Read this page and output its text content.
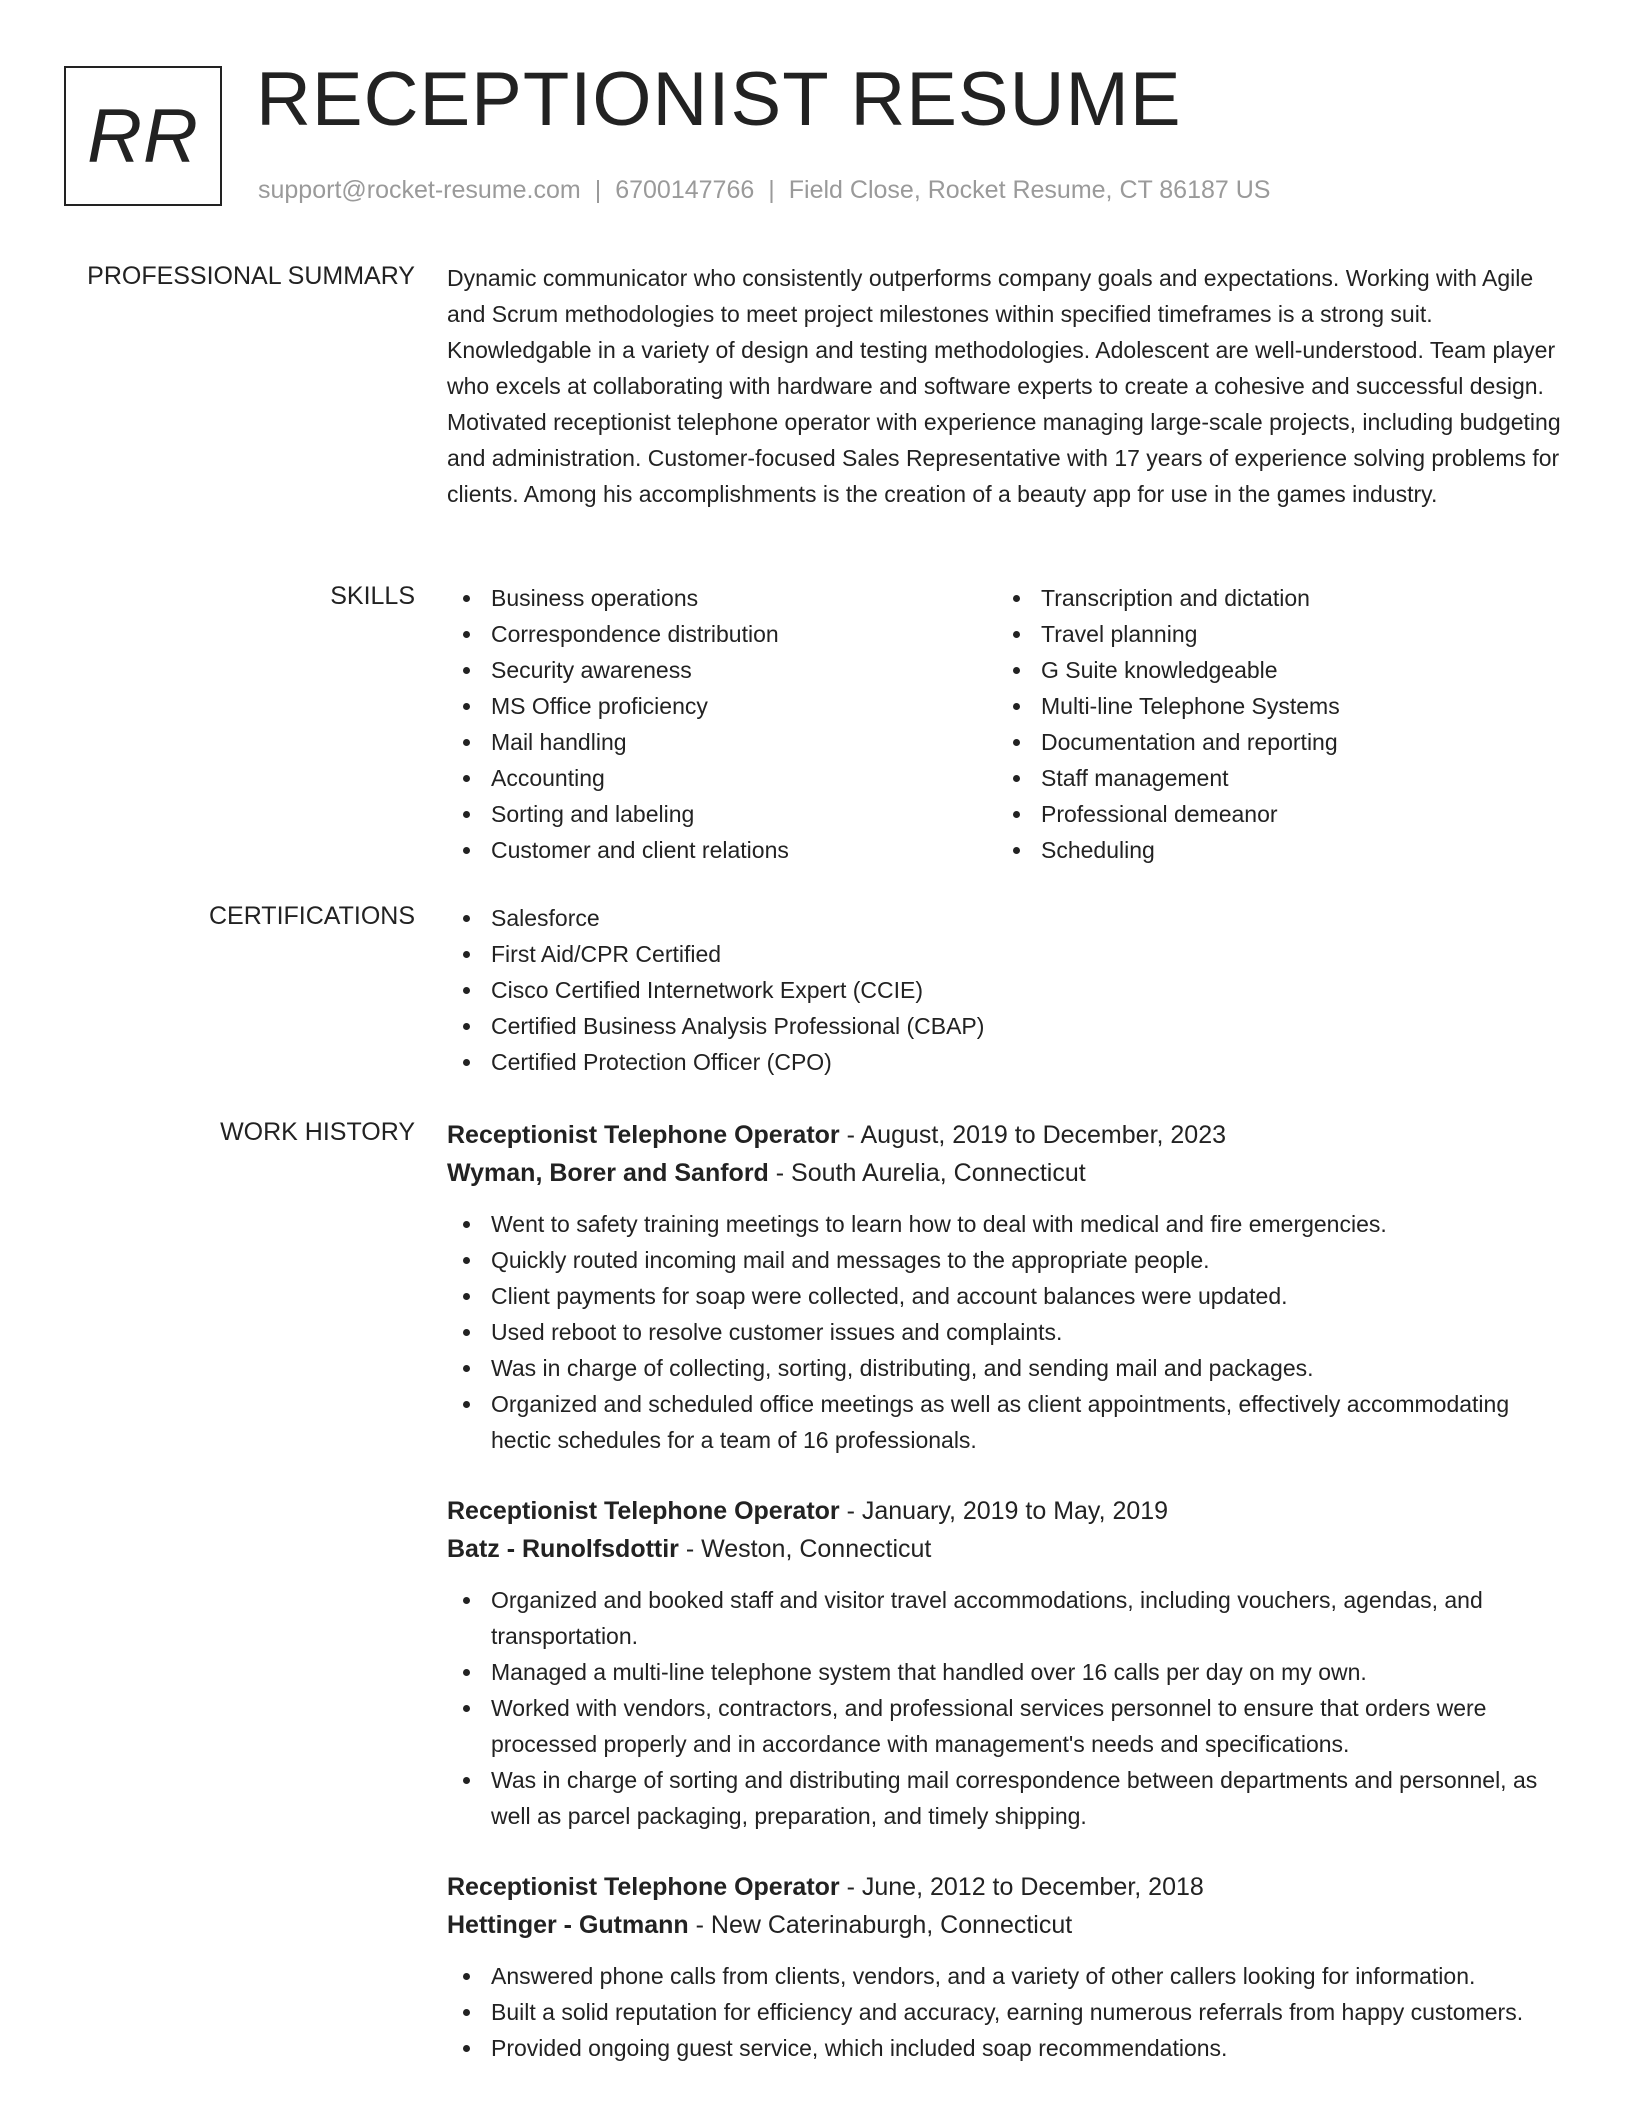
RR RECEPTIONIST RESUME
support@rocket-resume.com | 6700147766 | Field Close, Rocket Resume, CT 86187 US
PROFESSIONAL SUMMARY Dynamic communicator who consistently outperforms company goals and expectations. Working with Agile and Scrum methodologies to meet project milestones within specified timeframes is a strong suit. Knowledgable in a variety of design and testing methodologies. Adolescent are well-understood. Team player who excels at collaborating with hardware and software experts to create a cohesive and successful design. Motivated receptionist telephone operator with experience managing large-scale projects, including budgeting and administration. Customer-focused Sales Representative with 17 years of experience solving problems for clients. Among his accomplishments is the creation of a beauty app for use in the games industry.

SKILLS	Business operations
Correspondence distribution
Security awareness
MS Office proficiency
Mail handling
Accounting
Sorting and labeling
Customer and client relations
Transcription and dictation
Travel planning
G Suite knowledgeable
Multi-line Telephone Systems
Documentation and reporting
Staff management
Professional demeanor
Scheduling
CERTIFICATIONS	Salesforce
First Aid/CPR Certified
Cisco Certified Internetwork Expert (CCIE)
Certified Business Analysis Professional (CBAP)
Certified Protection Officer (CPO)
WORK HISTORY Receptionist Telephone Operator - August, 2019 to December, 2023
Wyman, Borer and Sanford - South Aurelia, Connecticut
Went to safety training meetings to learn how to deal with medical and fire emergencies.
Quickly routed incoming mail and messages to the appropriate people.
Client payments for soap were collected, and account balances were updated.
Used reboot to resolve customer issues and complaints.
Was in charge of collecting, sorting, distributing, and sending mail and packages.
Organized and scheduled office meetings as well as client appointments, effectively accommodating hectic schedules for a team of 16 professionals.
Receptionist Telephone Operator - January, 2019 to May, 2019
Batz - Runolfsdottir - Weston, Connecticut
Organized and booked staff and visitor travel accommodations, including vouchers, agendas, and transportation.
Managed a multi-line telephone system that handled over 16 calls per day on my own.
Worked with vendors, contractors, and professional services personnel to ensure that orders were processed properly and in accordance with management's needs and specifications.
Was in charge of sorting and distributing mail correspondence between departments and personnel, as well as parcel packaging, preparation, and timely shipping.
Receptionist Telephone Operator - June, 2012 to December, 2018
Hettinger - Gutmann - New Caterinaburgh, Connecticut
Answered phone calls from clients, vendors, and a variety of other callers looking for information.
Built a solid reputation for efficiency and accuracy, earning numerous referrals from happy customers.
Provided ongoing guest service, which included soap recommendations.
